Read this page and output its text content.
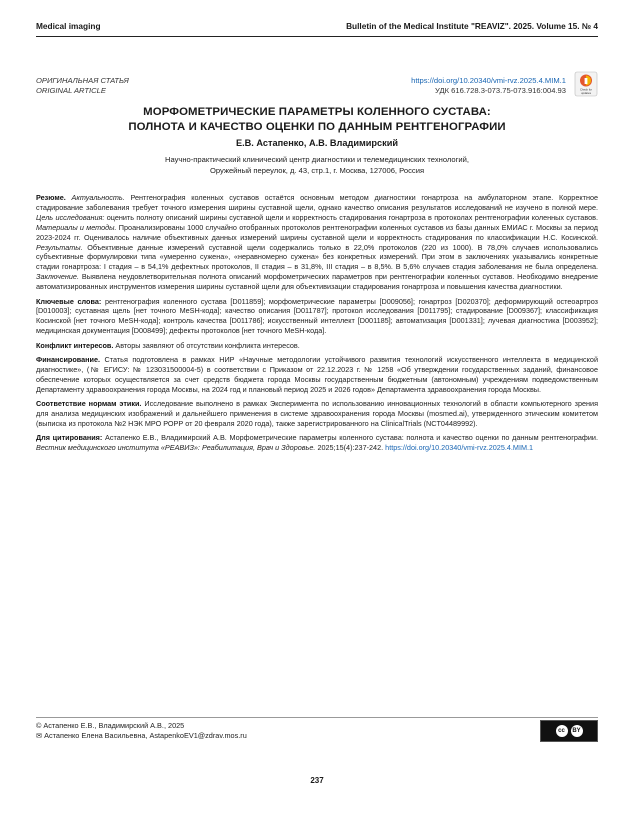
Medical imaging	Bulletin of the Medical Institute "REAVIZ". 2025. Volume 15. № 4
ОРИГИНАЛЬНАЯ СТАТЬЯ
ORIGINAL ARTICLE
https://doi.org/10.20340/vmi-rvz.2025.4.MIM.1
УДК 616.728.3-073.75-073.916:004.93	Check for
updates
МОРФОМЕТРИЧЕСКИЕ ПАРАМЕТРЫ КОЛЕННОГО СУСТАВА:
ПОЛНОТА И КАЧЕСТВО ОЦЕНКИ ПО ДАННЫМ РЕНТГЕНОГРАФИИ
Е.В. Астапенко, А.В. Владимирский
Научно-практический клинический центр диагностики и телемедицинских технологий,
Оружейный переулок, д. 43, стр.1, г. Москва, 127006, Россия

Резюме. Актуальность. Рентгенография коленных суставов остаётся основным методом диагностики гонартроза на амбулаторном этапе. Корректное стадирование заболевания требует точного измерения ширины суставной щели, однако качество описания результатов исследований не изучено в полной мере. Цель исследования: оценить полноту описаний ширины суставной щели и корректность стадирования гонартроза в протоколах рентгенографии коленных суставов. Материалы и методы. Проанализированы 1000 случайно отобранных протоколов рентгенографии коленных суставов из базы данных ЕМИАС г. Москвы за период 2023-2024 гг. Оценивалось наличие объективных данных измерений ширины суставной щели и корректность стадирования по классификации Н.С. Косинской. Результаты. Объективные данные измерений суставной щели содержались только в 22,0% протоколов (220 из 1000). В 78,0% случаев использовались субъективные формулировки типа «умеренно сужена», «неравномерно сужена» без конкретных измерений. При этом в заключениях указывались конкретные стадии гонартроза: I стадия – в 54,1% дефектных протоколов, II стадия – в 31,8%, III стадия – в 8,5%. В 5,6% случаев стадия заболевания не была определена. Заключение. Выявлена неудовлетворительная полнота описаний морфометрических параметров при рентгенографии коленных суставов. Необходимо внедрение автоматизированных инструментов измерения ширины суставной щели для объективизации стадирования гонартроза и повышения качества диагностики.

Ключевые слова: рентгенография коленного сустава [D011859]; морфометрические параметры [D009056]; гонартроз [D020370]; деформирующий остеоартроз [D010003]; суставная щель [нет точного MeSH-кода]; качество описания [D011787]; протокол исследования [D011795]; стадирование [D009367]; классификация Косинской [нет точного MeSH-кода]; контроль качества [D011786]; искусственный интеллект [D001185]; автоматизация [D001331]; лучевая диагностика [D003952]; медицинская документация [D008499]; дефекты протоколов [нет точного MeSH-кода].

Конфликт интересов. Авторы заявляют об отсутствии конфликта интересов.

Финансирование. Статья подготовлена в рамках НИР «Научные методологии устойчивого развития технологий искусственного интеллекта в медицинской диагностике», (№ ЕГИСУ: № 123031500004-5) в соответствии с Приказом от 22.12.2023 г. № 1258 «Об утверждении государственных заданий, финансовое обеспечение которых осуществляется за счет средств бюджета города Москвы государственным бюджетным (автономным) учреждениям подведомственным Департаменту здравоохранения города Москвы, на 2024 год и плановый период 2025 и 2026 годов» Департамента здравоохранения города Москвы.

Соответствие нормам этики. Исследование выполнено в рамках Эксперимента по использованию инновационных технологий в области компьютерного зрения для анализа медицинских изображений и дальнейшего применения в системе здравоохранения города Москвы (mosmed.ai), утвержденного этическим комитетом (выписка из протокола №2 НЭК МРО РОРР от 20 февраля 2020 года), также зарегистрированного на ClinicalTrials (NCT04489992).

Для цитирования: Астапенко Е.В., Владимирский А.В. Морфометрические параметры коленного сустава: полнота и качество оценки по данным рентгенографии. Вестник медицинского института «РЕАВИЗ»: Реабилитация, Врач и Здоровье. 2025;15(4):237-242. https://doi.org/10.20340/vmi-rvz.2025.4.MIM.1

© Астапенко Е.В., Владимирский А.В., 2025
✉ Астапенко Елена Васильевна, AstapenkoEV1@zdrav.mos.ru	cc	BY
237
